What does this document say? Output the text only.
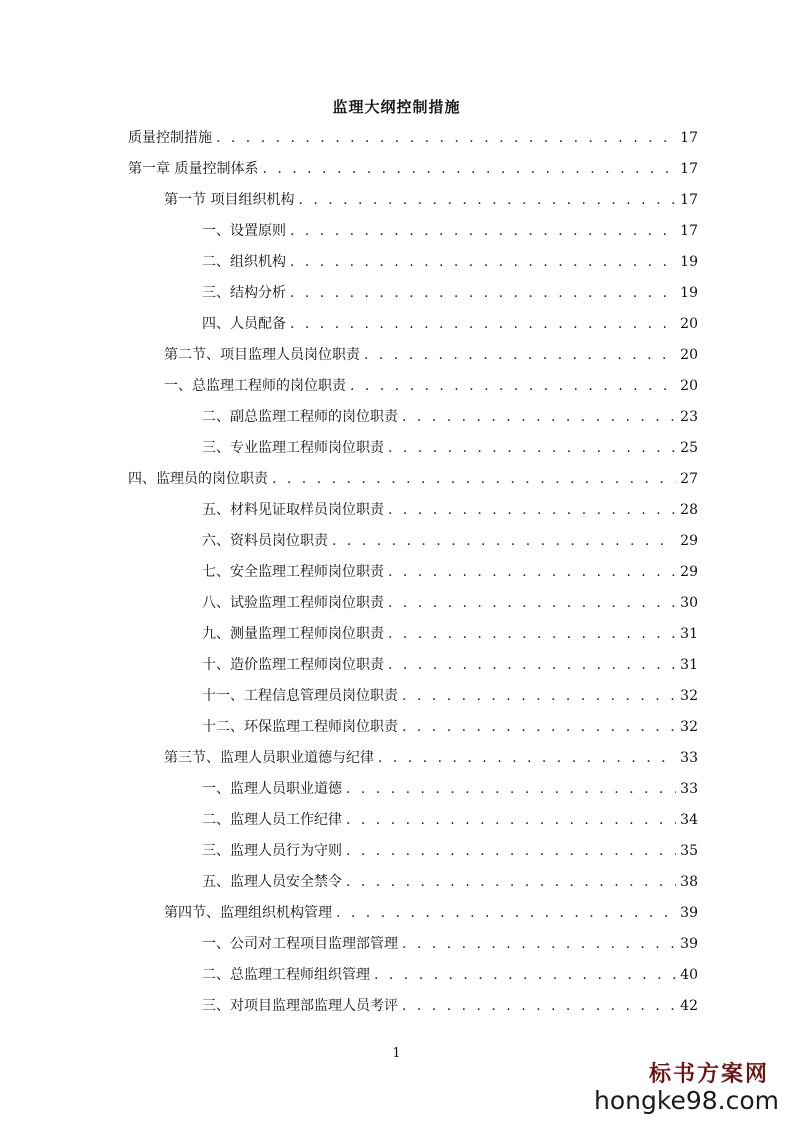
监理大纲控制措施
质量控制措施 . . .	17
第一章 质量控制体系 . . .	17
第一节 项目组织机构 . . .	17
一、设置原则 . . .	17
二、组织机构 . . .	19
三、结构分析 . . .	19
四、人员配备 . . .	20
第二节、项目监理人员岗位职责 . . .	20
一、总监理工程师的岗位职责 . . .	20
二、副总监理工程师的岗位职责 . . .	23
三、专业监理工程师岗位职责 . . .	25
四、监理员的岗位职责 . . .	27
五、材料见证取样员岗位职责 . . .	28
六、资料员岗位职责 . . .	29
七、安全监理工程师岗位职责 . . .	29
八、试验监理工程师岗位职责 . . .	30
九、测量监理工程师岗位职责 . . .	31
十、造价监理工程师岗位职责 . . .	31
十一、工程信息管理员岗位职责 . . .	32
十二、环保监理工程师岗位职责 . . .	32
第三节、监理人员职业道德与纪律 . . .	33
一、监理人员职业道德 . . .	33
二、监理人员工作纪律 . . .	34
三、监理人员行为守则 . . .	35
五、监理人员安全禁令 . . .	38
第四节、监理组织机构管理 . . .	39
一、公司对工程项目监理部管理 . . .	39
二、总监理工程师组织管理 . . .	40
三、对项目监理部监理人员考评 . . .	42
1
标书方案网
hongke98.com
